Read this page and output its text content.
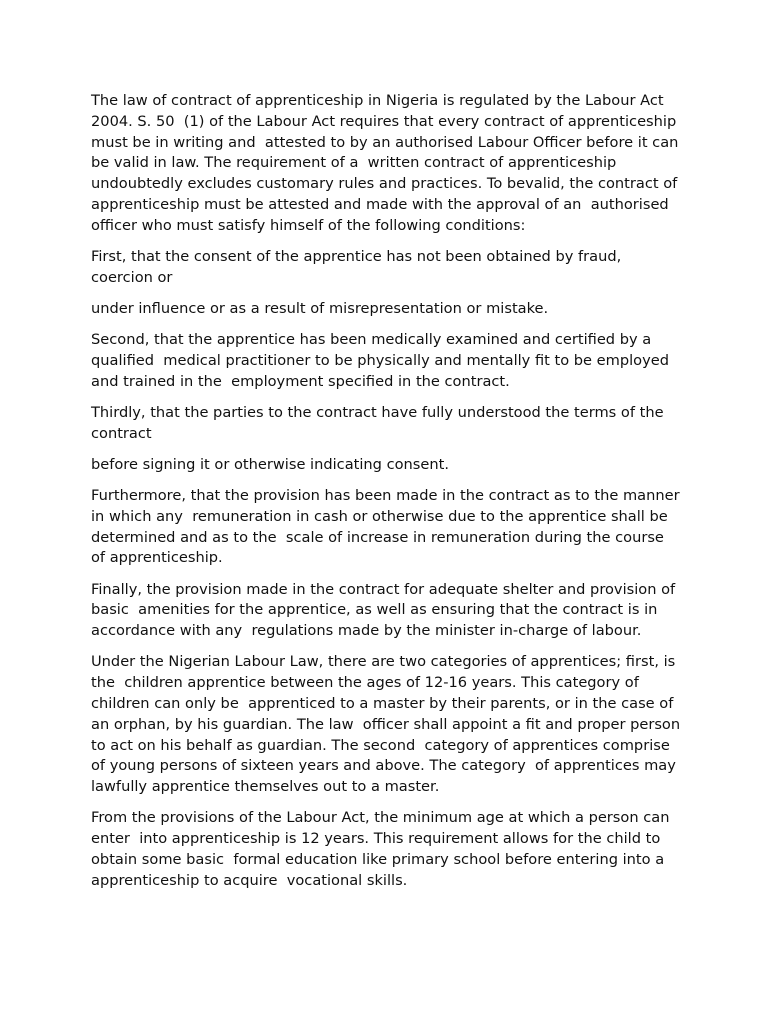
The law of contract of apprenticeship in Nigeria is regulated by the Labour Act 2004. S. 50  (1) of the Labour Act requires that every contract of apprenticeship must be in writing and  attested to by an authorised Labour Officer before it can be valid in law. The requirement of a  written contract of apprenticeship undoubtedly excludes customary rules and practices. To bevalid, the contract of apprenticeship must be attested and made with the approval of an  authorised officer who must satisfy himself of the following conditions:

First, that the consent of the apprentice has not been obtained by fraud, coercion or

under influence or as a result of misrepresentation or mistake.

Second, that the apprentice has been medically examined and certified by a qualified  medical practitioner to be physically and mentally fit to be employed and trained in the  employment specified in the contract.

Thirdly, that the parties to the contract have fully understood the terms of the contract

before signing it or otherwise indicating consent.

Furthermore, that the provision has been made in the contract as to the manner in which any  remuneration in cash or otherwise due to the apprentice shall be determined and as to the  scale of increase in remuneration during the course of apprenticeship.

Finally, the provision made in the contract for adequate shelter and provision of basic  amenities for the apprentice, as well as ensuring that the contract is in accordance with any  regulations made by the minister in-charge of labour.

Under the Nigerian Labour Law, there are two categories of apprentices; first, is the  children apprentice between the ages of 12-16 years. This category of children can only be  apprenticed to a master by their parents, or in the case of an orphan, by his guardian. The law  officer shall appoint a fit and proper person to act on his behalf as guardian. The second  category of apprentices comprise of young persons of sixteen years and above. The category  of apprentices may lawfully apprentice themselves out to a master.

From the provisions of the Labour Act, the minimum age at which a person can enter  into apprenticeship is 12 years. This requirement allows for the child to obtain some basic  formal education like primary school before entering into a apprenticeship to acquire  vocational skills.
